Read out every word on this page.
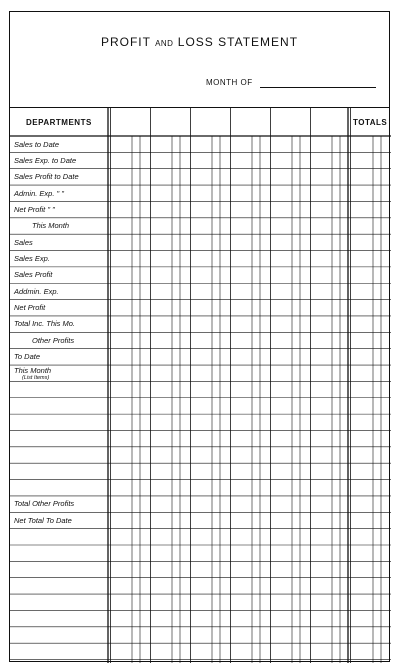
PROFIT AND LOSS STATEMENT
MONTH OF
DEPARTMENTS	TOTALS
Sales to Date
Sales Exp. to Date
Sales Profit to Date
Admin. Exp. " "
Net Profit " "
This Month
Sales
Sales Exp.
Sales Profit
Addmin. Exp.
Net Profit
Total Inc. This Mo.
Other Profits
To Date
This Month
(List Items)
Total Other Profits
Net Total To Date
